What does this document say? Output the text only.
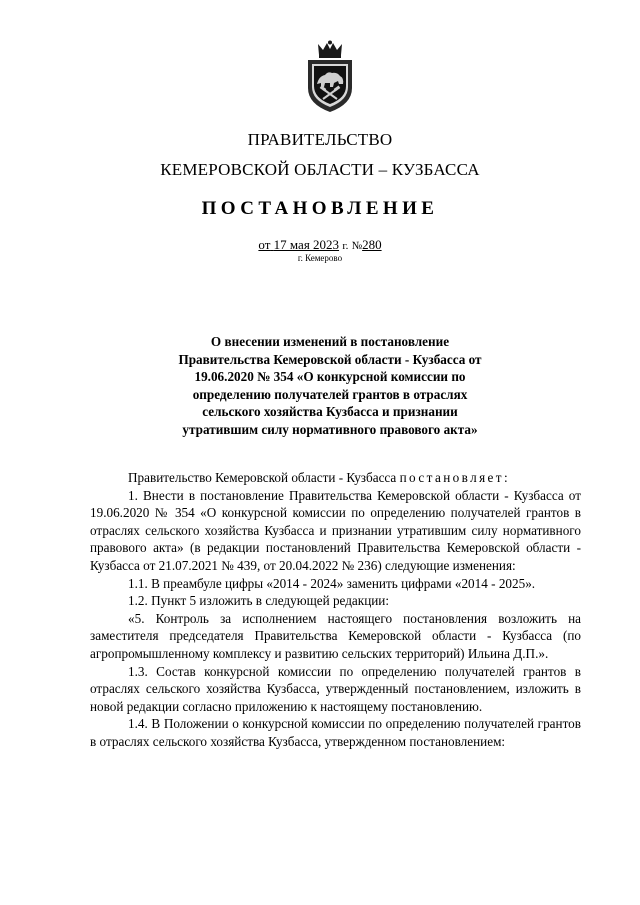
ПРАВИТЕЛЬСТВО
КЕМЕРОВСКОЙ ОБЛАСТИ – КУЗБАССА
ПОСТАНОВЛЕНИЕ
от 17 мая 2023 г. №280
г. Кемерово
О внесении изменений в постановление
Правительства Кемеровской области - Кузбасса от
19.06.2020 № 354 «О конкурсной комиссии по
определению получателей грантов в отраслях
сельского хозяйства Кузбасса и признании
утратившим силу нормативного правового акта»

Правительство Кемеровской области - Кузбасса постановляет:

1. Внести в постановление Правительства Кемеровской области - Кузбасса от 19.06.2020 № 354 «О конкурсной комиссии по определению получателей грантов в отраслях сельского хозяйства Кузбасса и признании утратившим силу нормативного правового акта» (в редакции постановлений Правительства Кемеровской области - Кузбасса от 21.07.2021 № 439, от 20.04.2022 № 236) следующие изменения:

1.1. В преамбуле цифры «2014 - 2024» заменить цифрами «2014 - 2025».

1.2. Пункт 5 изложить в следующей редакции:

«5. Контроль за исполнением настоящего постановления возложить на заместителя председателя Правительства Кемеровской области - Кузбасса (по агропромышленному комплексу и развитию сельских территорий) Ильина Д.П.».

1.3. Состав конкурсной комиссии по определению получателей грантов в отраслях сельского хозяйства Кузбасса, утвержденный постановлением, изложить в новой редакции согласно приложению к настоящему постановлению.

1.4. В Положении о конкурсной комиссии по определению получателей грантов в отраслях сельского хозяйства Кузбасса, утвержденном постановлением:
